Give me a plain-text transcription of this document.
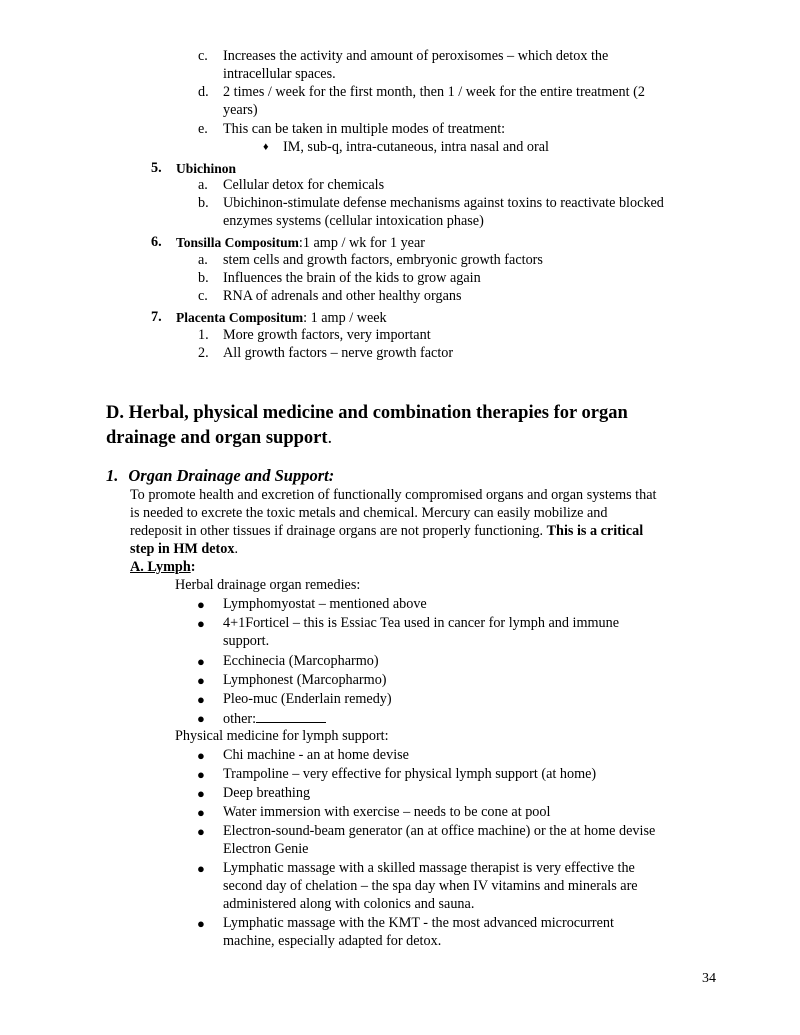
c. Increases the activity and amount of peroxisomes – which detox the
intracellular spaces.
d. 2 times / week for the first month, then 1 / week for the entire treatment (2
years)
e. This can be taken in multiple modes of treatment:
♦ IM, sub-q, intra-cutaneous, intra nasal and oral
5. Ubichinon
a. Cellular detox for chemicals
b. Ubichinon-stimulate defense mechanisms against toxins to reactivate blocked
enzymes systems (cellular intoxication phase)
6. Tonsilla Compositum:1 amp / wk for 1 year
a. stem cells and growth factors, embryonic growth factors
b. Influences the brain of the kids to grow again
c. RNA of adrenals and other healthy organs
7. Placenta Compositum: 1 amp / week
1. More growth factors, very important
2. All growth factors – nerve growth factor
D. Herbal, physical medicine and combination therapies for organ
drainage and organ support.
1. Organ Drainage and Support:
To promote health and excretion of functionally compromised organs and organ systems that
is needed to excrete the toxic metals and chemical. Mercury can easily mobilize and
redeposit in other tissues if drainage organs are not properly functioning. This is a critical
step in HM detox.
A. Lymph:
Herbal drainage organ remedies:
● Lymphomyostat – mentioned above
● 4+1Forticel – this is Essiac Tea used in cancer for lymph and immune
support.
● Ecchinecia (Marcopharmo)
● Lymphonest (Marcopharmo)
● Pleo-muc (Enderlain remedy)
● other:
Physical medicine for lymph support:
● Chi machine - an at home devise
● Trampoline – very effective for physical lymph support (at home)
● Deep breathing
● Water immersion with exercise – needs to be cone at pool
● Electron-sound-beam generator (an at office machine) or the at home devise
Electron Genie
● Lymphatic massage with a skilled massage therapist is very effective the
second day of chelation – the spa day when IV vitamins and minerals are
administered along with colonics and sauna.
● Lymphatic massage with the KMT - the most advanced microcurrent
machine, especially adapted for detox.
34
